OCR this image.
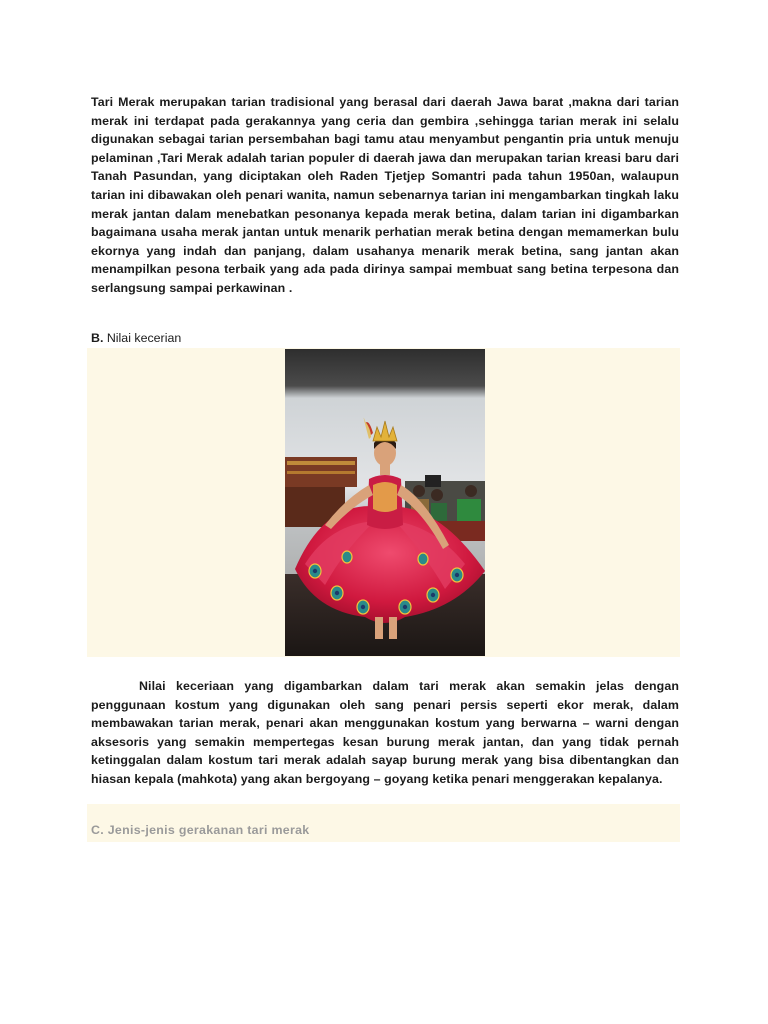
Tari Merak merupakan tarian tradisional yang berasal dari daerah Jawa barat ,makna dari tarian merak ini terdapat pada gerakannya yang ceria dan gembira ,sehingga tarian merak ini selalu digunakan sebagai tarian persembahan bagi tamu atau menyambut pengantin pria untuk menuju pelaminan ,Tari Merak adalah tarian populer di daerah jawa dan merupakan tarian kreasi baru dari Tanah Pasundan, yang diciptakan oleh Raden Tjetjep Somantri pada tahun 1950an, walaupun tarian ini dibawakan oleh penari wanita, namun sebenarnya tarian ini mengambarkan tingkah laku merak jantan dalam menebatkan pesonanya kepada merak betina, dalam tarian ini digambarkan bagaimana usaha merak jantan untuk menarik perhatian merak betina dengan memamerkan bulu ekornya yang indah dan panjang, dalam usahanya menarik merak betina, sang jantan akan menampilkan pesona terbaik yang ada pada dirinya sampai membuat sang betina terpesona dan serlangsung sampai perkawinan .

B. Nilai kecerian

Nilai keceriaan yang digambarkan dalam tari merak akan semakin jelas dengan penggunaan kostum yang digunakan oleh sang penari persis seperti ekor merak, dalam membawakan tarian merak, penari akan menggunakan kostum yang berwarna – warni dengan aksesoris yang semakin mempertegas kesan burung merak jantan, dan yang tidak pernah ketinggalan dalam kostum tari merak adalah sayap burung merak yang bisa dibentangkan dan hiasan kepala (mahkota) yang akan bergoyang – goyang ketika penari menggerakan kepalanya.

C. Jenis-jenis gerakanan tari merak
